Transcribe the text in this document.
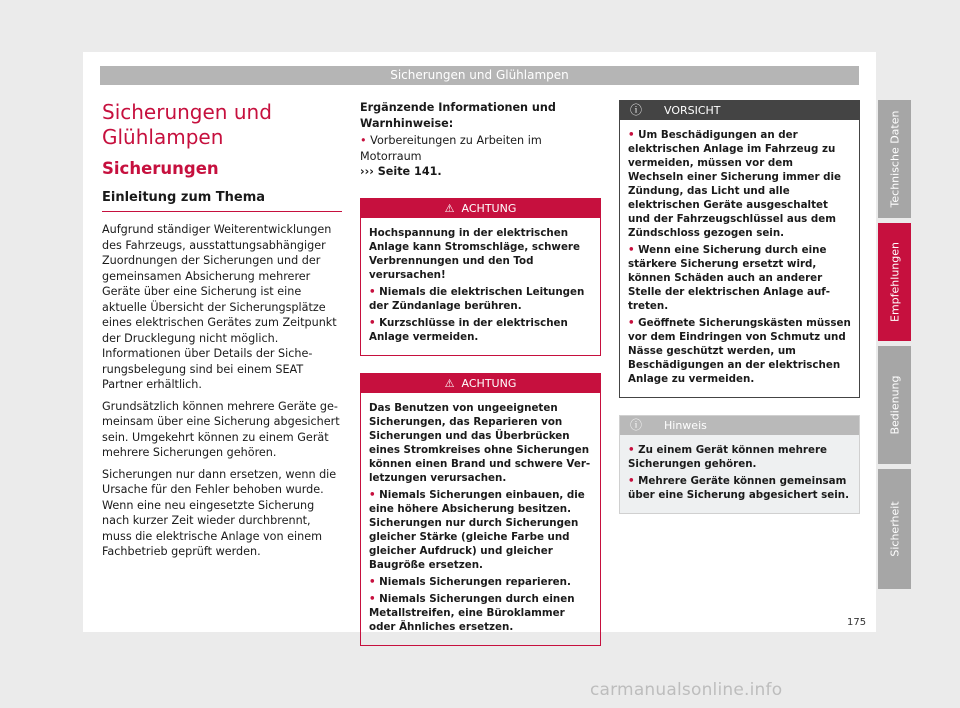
Sicherungen und Glühlampen
Sicherungen und
Glühlampen
Sicherungen
Einleitung zum Thema

Aufgrund ständiger Weiterentwicklungen des Fahrzeugs, ausstattungsabhängiger Zuordnungen der Sicherungen und der gemeinsamen Absicherung mehrerer Geräte über eine Sicherung ist eine aktuelle Übersicht der Sicherungsplätze eines elektrischen Gerätes zum Zeitpunkt der Drucklegung nicht möglich. Informationen über Details der Sicherungsbelegung sind bei einem SEAT Partner erhältlich.

Grundsätzlich können mehrere Geräte gemeinsam über eine Sicherung abgesichert sein. Umgekehrt können zu einem Gerät mehrere Sicherungen gehören.

Sicherungen nur dann ersetzen, wenn die Ursache für den Fehler behoben wurde. Wenn eine neu eingesetzte Sicherung nach kurzer Zeit wieder durchbrennt, muss die elektrische Anlage von einem Fachbetrieb geprüft werden.

Ergänzende Informationen und Warnhinweise:

• Vorbereitungen zu Arbeiten im Motorraum
››› Seite 141.

⚠ ACHTUNG

Hochspannung in der elektrischen Anlage kann Stromschläge, schwere Verbrennungen und den Tod verursachen!

• Niemals die elektrischen Leitungen der Zündanlage berühren.

• Kurzschlüsse in der elektrischen Anlage vermeiden.

⚠ ACHTUNG

Das Benutzen von ungeeigneten Sicherungen, das Reparieren von Sicherungen und das Überbrücken eines Stromkreises ohne Sicherungen können einen Brand und schwere Verletzungen verursachen.

• Niemals Sicherungen einbauen, die eine höhere Absicherung besitzen. Sicherungen nur durch Sicherungen gleicher Stärke (gleiche Farbe und gleicher Aufdruck) und gleicher Baugröße ersetzen.

• Niemals Sicherungen reparieren.

• Niemals Sicherungen durch einen Metallstreifen, eine Büroklammer oder Ähnliches ersetzen.

ⓘ VORSICHT

• Um Beschädigungen an der elektrischen Anlage im Fahrzeug zu vermeiden, müssen vor dem Wechseln einer Sicherung immer die Zündung, das Licht und alle elektrischen Geräte ausgeschaltet und der Fahrzeugschlüssel aus dem Zündschloss gezogen sein.

• Wenn eine Sicherung durch eine stärkere Sicherung ersetzt wird, können Schäden auch an anderer Stelle der elektrischen Anlage auftreten.

• Geöffnete Sicherungskästen müssen vor dem Eindringen von Schmutz und Nässe geschützt werden, um Beschädigungen an der elektrischen Anlage zu vermeiden.

ⓘ Hinweis

• Zu einem Gerät können mehrere Sicherungen gehören.

• Mehrere Geräte können gemeinsam über eine Sicherung abgesichert sein.

Technische Daten
Empfehlungen
Bedienung
Sicherheit
175
carmanualsonline.info
